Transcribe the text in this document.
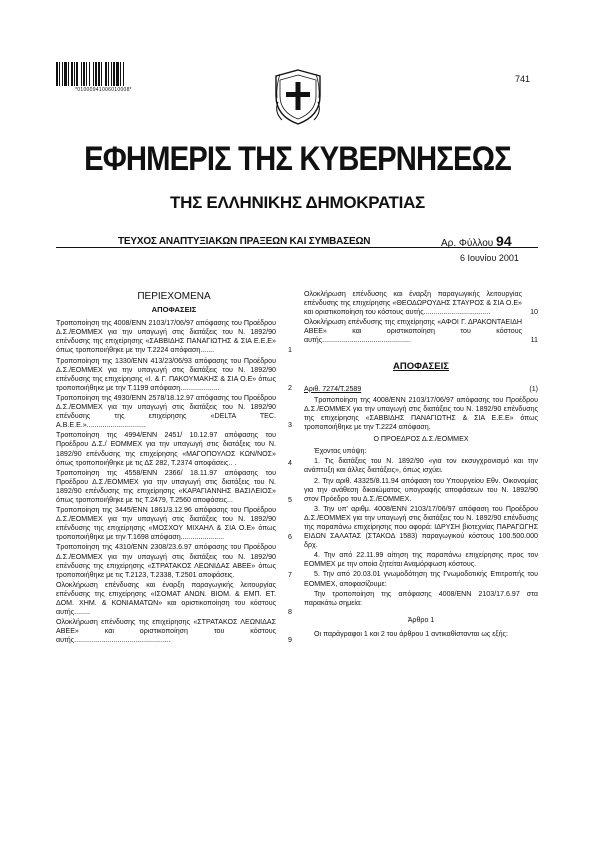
*01000941006010008*
741
ΕΦΗΜΕΡΙΣ ΤΗΣ ΚΥΒΕΡΝΗΣΕΩΣ
ΤΗΣ ΕΛΛΗΝΙΚΗΣ ΔΗΜΟΚΡΑΤΙΑΣ
ΤΕΥΧΟΣ ΑΝΑΠΤΥΞΙΑΚΩΝ ΠΡΑΞΕΩΝ ΚΑΙ ΣΥΜΒΑΣΕΩΝ	Αρ. Φύλλου 94
6 Ιουνίου 2001
ΠΕΡΙΕΧΟΜΕΝΑ
ΑΠΟΦΑΣΕΙΣ
Τροποποίηση της 4008/ΕΝΝ 2103/17/06/97 απόφασης του Προέδρου Δ.Σ./ΕΟΜΜΕΧ για την υπαγωγή στις διατάξεις του Ν. 1892/90 επένδυσης της επιχείρησης «ΣΑΒΒΙΔΗΣ ΠΑΝΑΓΙΩΤΗΣ & ΣΙΑ Ε.Ε.Ε» όπως τροποποιήθηκε με την Τ.2224 απόφαση.......	1
Τροποποίηση της 1330/ΕΝΝ 413/23/06/93 απόφασης του Προέδρου Δ.Σ./ΕΟΜΜΕΧ για την υπαγωγή στις διατάξεις του Ν. 1892/90 επένδυσης της επιχείρησης «Ι. & Γ. ΠΑΚΟΥΜΑΚΗΣ & ΣΙΑ Ο.Ε» όπως τροποποιήθηκε με την Τ.1199 απόφαση....................	2
Τροποποίηση της 4930/ΕΝΝ 2578/18.12.97 απόφασης του Προέδρου Δ.Σ./ΕΟΜΜΕΧ για την υπαγωγή στις διατάξεις του Ν. 1892/90 επένδυσης της επιχείρησης «DELTA TEC. Α.Β.Ε.Ε.»..............................	3
Τροποποίηση της 4994/ΕΝΝ 2451/ 10.12.97 απόφασης του Προέδρου Δ.Σ./ ΕΟΜΜΕΧ για την υπαγωγή στις διατάξεις του Ν. 1892/90 επένδυσης της επιχείρησης «ΜΑΓΟΠΟΥΛΟΣ ΚΩΝ/ΝΟΣ» όπως τροποποιήθηκε με τις ΔΣ 282, Τ.2374 αποφάσεις.. .	4
Τροποποίηση της 4558/ΕΝΝ 2366/ 18.11.97 απόφασης του Προέδρου Δ.Σ./ΕΟΜΜΕΧ για την υπαγωγή στις διατάξεις του Ν. 1892/90 επένδυσης της επιχείρησης «ΚΑΡΑΓΙΑΝΝΗΣ ΒΑΣΙΛΕΙΟΣ» όπως τροποποιήθηκε με τις Τ.2479, Τ.2560 αποφάσεις...	5
Τροποποίηση της 3445/ΕΝΝ 1861/3.12.96 απόφασης του Προέδρου Δ.Σ./ΕΟΜΜΕΧ για την υπαγωγή στις διατάξεις του Ν. 1892/90 επένδυσης της επιχείρησης «ΜΟΣΧΟΥ ΜΙΧΑΗΛ & ΣΙΑ Ο.Ε» όπως τροποποιήθηκε με την Τ.1698 απόφαση......................	6
Τροποποίηση της 4310/ΕΝΝ 2308/23.6.97 απόφασης του Προέδρου Δ.Σ./ΕΟΜΜΕΧ για την υπαγωγή στις διατάξεις του Ν. 1892/90 επένδυσης της επιχείρησης «ΣΤΡΑΤΑΚΟΣ ΛΕΩΝΙΔΑΣ ΑΒΕΕ» όπως τροποποιήθηκε με τις Τ.2123, Τ.2338, Τ.2501 αποφάσεις.	7
Ολοκλήρωση επένδυσης και έναρξη παραγωγικής λειτουργίας επένδυσης της επιχείρησης «ΙΣΟΜΑΤ ΑΝΩΝ. ΒΙΟΜ. & ΕΜΠ. ΕΤ. ΔΟΜ. ΧΗΜ. & ΚΟΝΙΑΜΑΤΩΝ» και οριστικοποίηση του κόστους αυτής........	8
Ολοκλήρωση επένδυσης της επιχείρησης «ΣΤΡΑΤΑΚΟΣ ΛΕΩΝΙΔΑΣ ΑΒΕΕ» και οριστικοποίηση του κόστους αυτής.................................................	9
Ολοκλήρωση επένδυσης και έναρξη παραγωγικής λειτουργίας επένδυσης της επιχείρησης «ΘΕΟΔΩΡΟΥΔΗΣ ΣΤΑΥΡΟΣ & ΣΙΑ Ο.Ε» και οριστικοποίηση του κόστους αυτής..................................	10
Ολοκλήρωση επένδυσης της επιχείρησης «ΑΦΟΙ Γ. ΔΡΑΚΟΝΤΑΕΙΔΗ ΑΒΕΕ» και οριστικοποίηση του κόστους αυτής.............................................	11
ΑΠΟΦΑΣΕΙΣ
Αριθ. 7274/Τ.2589	(1)
Τροποποίηση της 4008/ΕΝΝ 2103/17/06/97 απόφασης του Προέδρου Δ.Σ./ΕΟΜΜΕΧ για την υπαγωγή στις διατάξεις του Ν. 1892/90 επένδυσης της επιχείρησης «ΣΑΒΒΙΔΗΣ ΠΑΝΑΓΙΩΤΗΣ & ΣΙΑ Ε.Ε.Ε» όπως τροποποιήθηκε με την Τ.2224 απόφαση.
Ο ΠΡΟΕΔΡΟΣ Δ.Σ./ΕΟΜΜΕΧ
Έχοντας υπόψη:
1. Τις διατάξεις του Ν. 1892/90 «για τον εκσυγχρονισμό και την ανάπτυξη και άλλες διατάξεις», όπως ισχύει.
2. Την αριθ. 43325/8.11.94 απόφαση του Υπουργείου Εθν. Οικονομίας για την ανάθεση δικαιώματος υπογραφής αποφάσεων του Ν. 1892/90 στον Πρόεδρο του Δ.Σ./ΕΟΜΜΕΧ.
3. Την υπ' αριθμ. 4008/ΕΝΝ 2103/17/06/97 απόφαση του Προέδρου Δ.Σ./ΕΟΜΜΕΧ για την υπαγωγή στις διατάξεις του Ν. 1892/90 επένδυσης της παραπάνω επιχείρησης που αφορά: ΙΔΡΥΣΗ βιοτεχνίας ΠΑΡΑΓΩΓΗΣ ΕΙΔΩΝ ΣΑΛΑΤΑΣ (ΣΤΑΚΟΔ 1583) παραγωγικού κόστους 100.500.000 δρχ.
4. Την από 22.11.99 αίτηση της παραπάνω επιχείρησης προς τον ΕΟΜΜΕΧ με την οποία ζητείται Αναμόρφωση κόστους.
5. Την από 20.03.01 γνωμοδότηση της Γνωμοδοτικής Επιτροπής του ΕΟΜΜΕΧ, αποφασίζουμε:
Την τροποποίηση της απόφασης 4008/ΕΝΝ 2103/17.6.97 στα παρακάτω σημεία:
Άρθρο 1
Οι παράγραφοι 1 και 2 του άρθρου 1 αντικαθίστανται ως εξής:
